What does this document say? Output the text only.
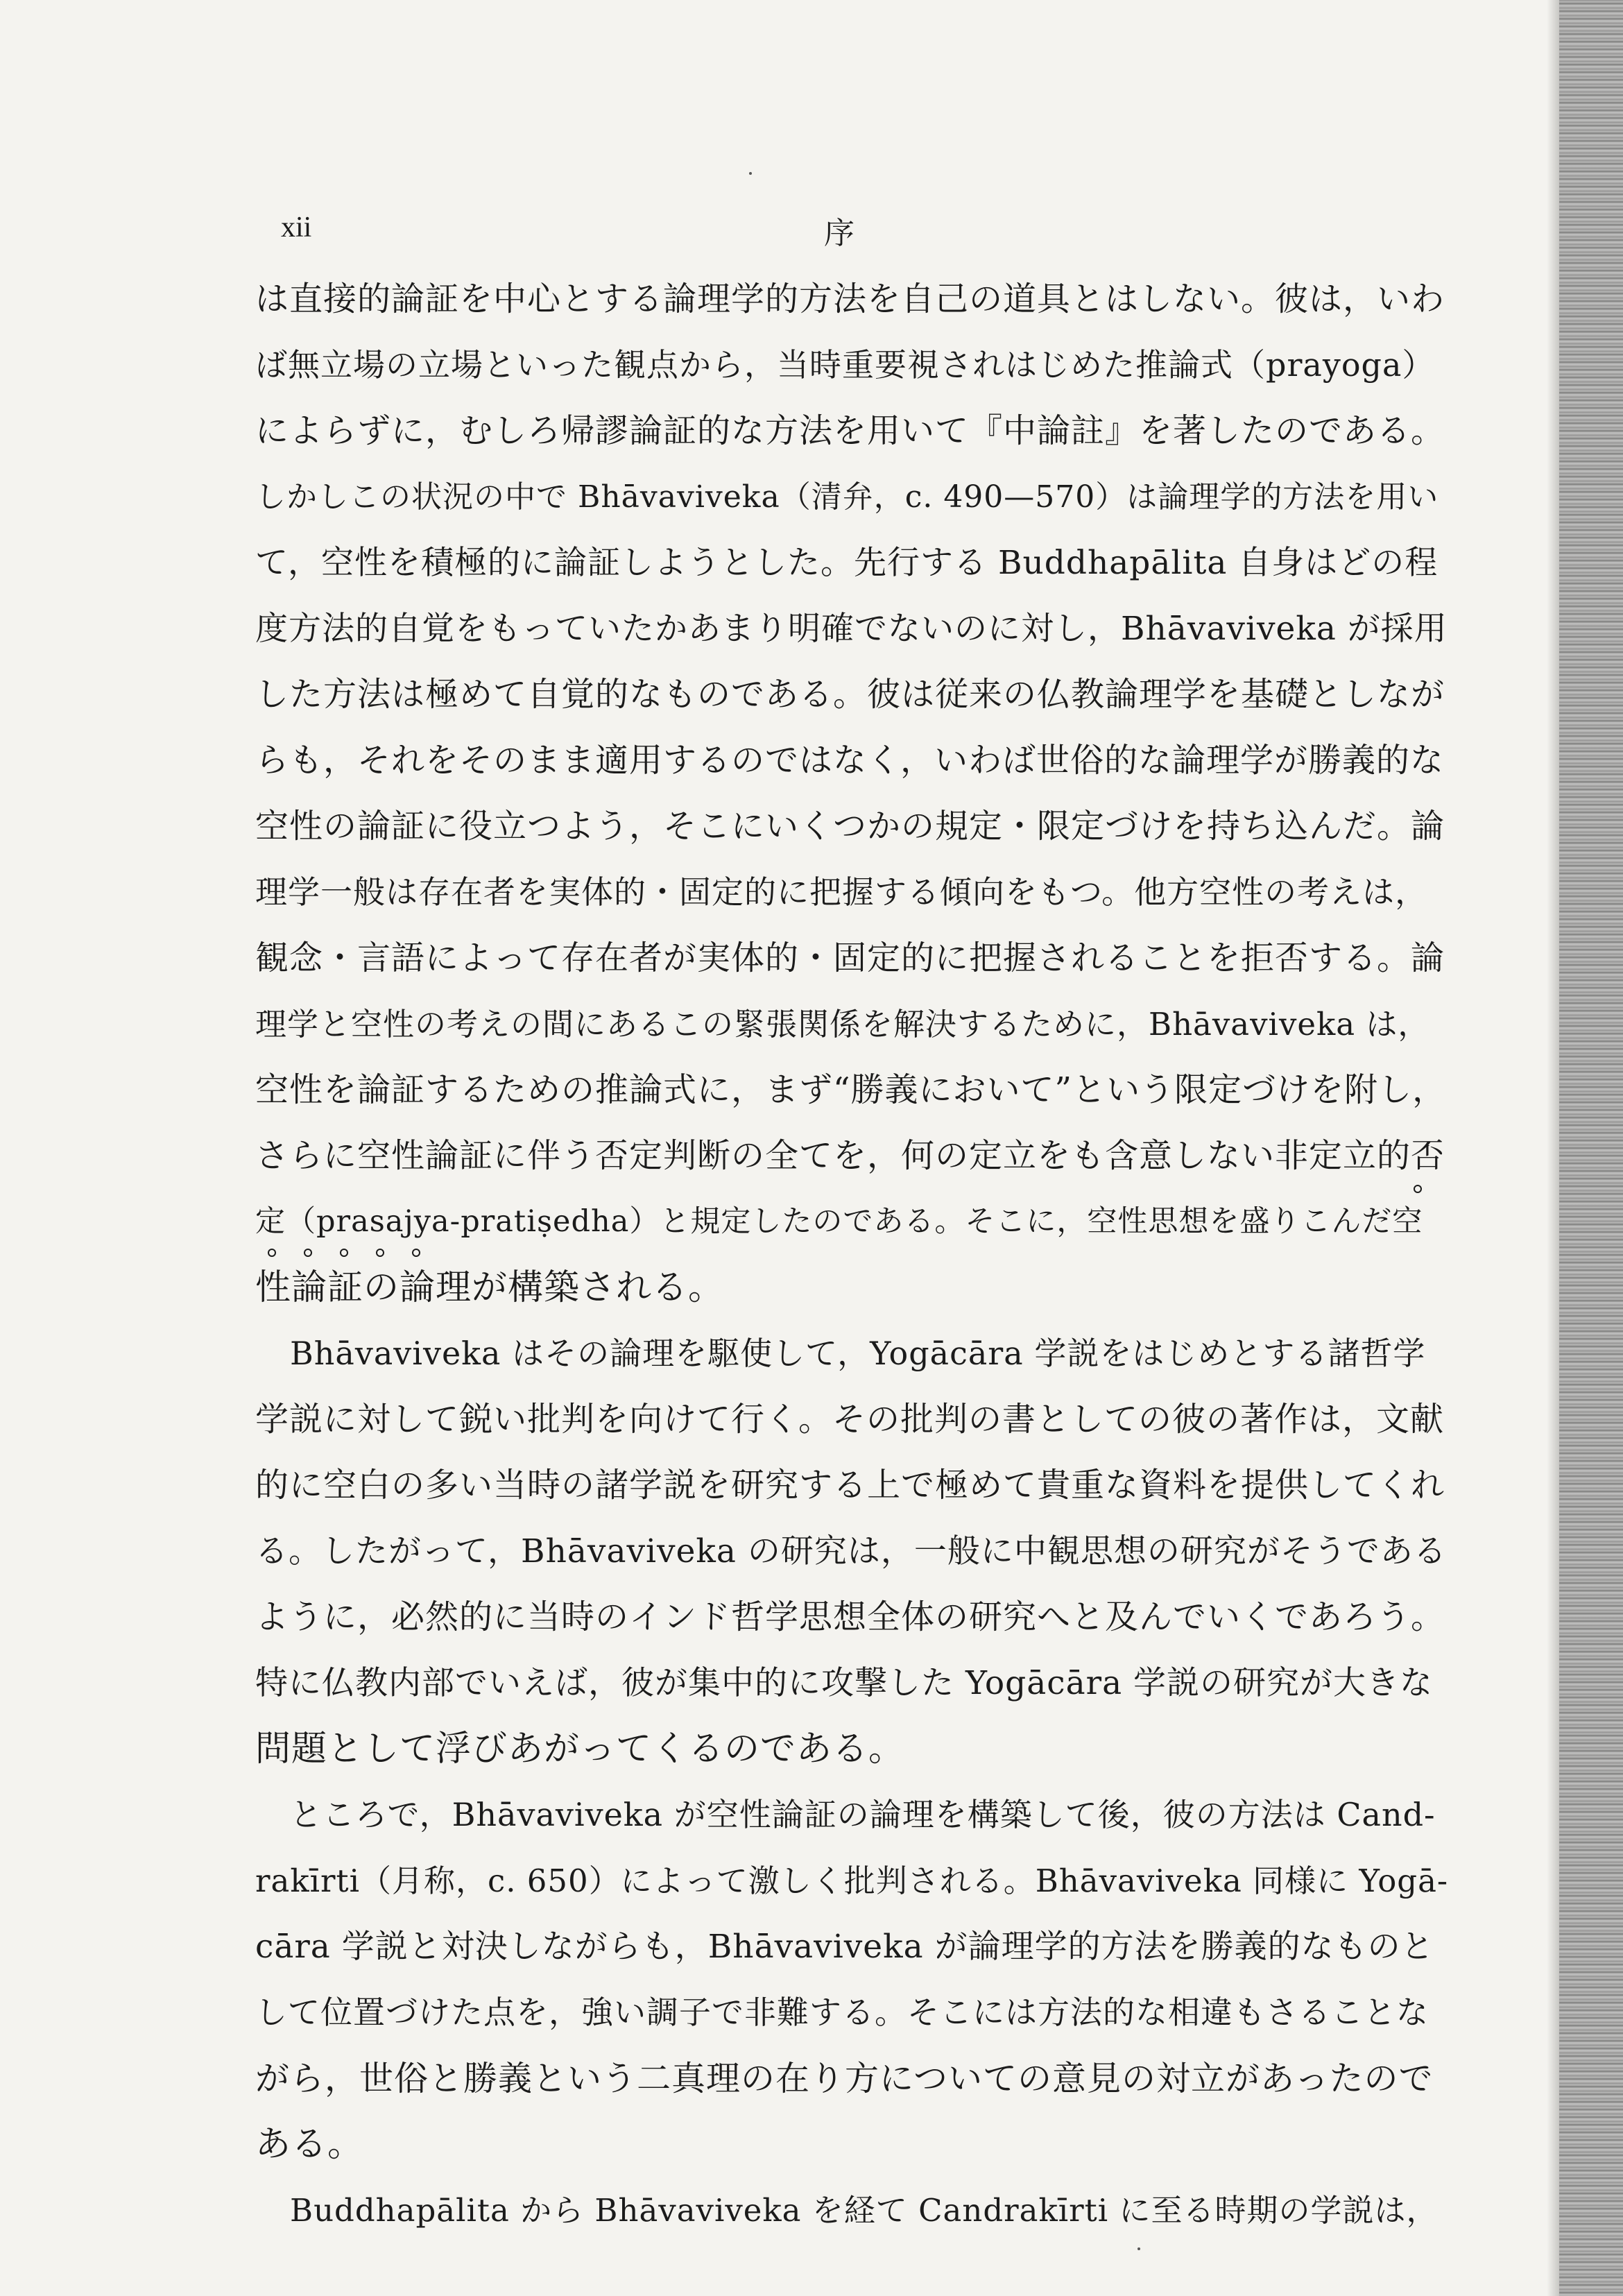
xii	序
は直接的論証を中心とする論理学的方法を自己の道具とはしない。彼は，いわ
ば無立場の立場といった観点から，当時重要視されはじめた推論式（prayoga）
によらずに，むしろ帰謬論証的な方法を用いて『中論註』を著したのである。
しかしこの状況の中で Bhāvaviveka（清弁，c. 490—570）は論理学的方法を用い
て，空性を積極的に論証しようとした。先行する Buddhapālita 自身はどの程
度方法的自覚をもっていたかあまり明確でないのに対し，Bhāvaviveka が採用
した方法は極めて自覚的なものである。彼は従来の仏教論理学を基礎としなが
らも，それをそのまま適用するのではなく，いわば世俗的な論理学が勝義的な
空性の論証に役立つよう，そこにいくつかの規定・限定づけを持ち込んだ。論
理学一般は存在者を実体的・固定的に把握する傾向をもつ。他方空性の考えは，
観念・言語によって存在者が実体的・固定的に把握されることを拒否する。論
理学と空性の考えの間にあるこの緊張関係を解決するために，Bhāvaviveka は，
空性を論証するための推論式に，まず“勝義において”という限定づけを附し，
さらに空性論証に伴う否定判断の全てを，何の定立をも含意しない非定立的否
定（prasajya-pratiṣedha）と規定したのである。そこに，空性思想を盛りこんだ空
性論証の論理が構築される。
Bhāvaviveka はその論理を駆使して，Yogācāra 学説をはじめとする諸哲学
学説に対して鋭い批判を向けて行く。その批判の書としての彼の著作は，文献
的に空白の多い当時の諸学説を研究する上で極めて貴重な資料を提供してくれ
る。したがって，Bhāvaviveka の研究は，一般に中観思想の研究がそうである
ように，必然的に当時のインド哲学思想全体の研究へと及んでいくであろう。
特に仏教内部でいえば，彼が集中的に攻撃した Yogācāra 学説の研究が大きな
問題として浮びあがってくるのである。
ところで，Bhāvaviveka が空性論証の論理を構築して後，彼の方法は Cand-
rakīrti（月称，c. 650）によって激しく批判される。Bhāvaviveka 同様に Yogā-
cāra 学説と対決しながらも，Bhāvaviveka が論理学的方法を勝義的なものと
して位置づけた点を，強い調子で非難する。そこには方法的な相違もさることな
がら，世俗と勝義という二真理の在り方についての意見の対立があったので
ある。
Buddhapālita から Bhāvaviveka を経て Candrakīrti に至る時期の学説は，
